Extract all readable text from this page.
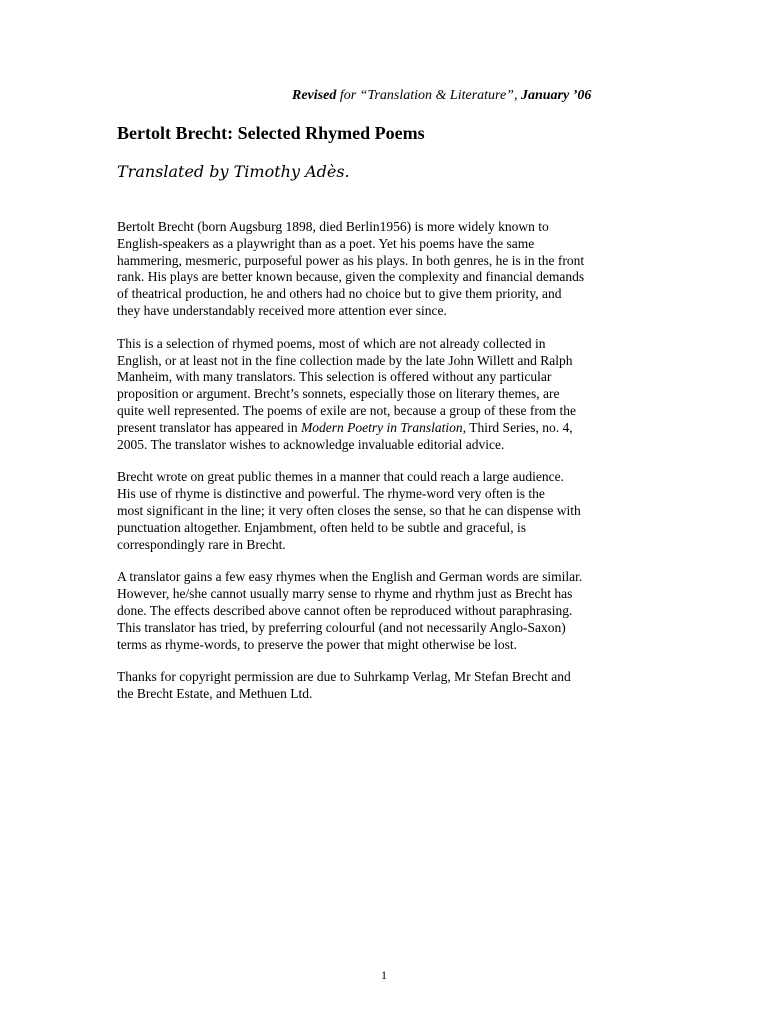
Revised for “Translation & Literature”, January ’06
Bertolt Brecht: Selected Rhymed Poems
Translated by Timothy Adès.

Bertolt Brecht (born Augsburg 1898, died Berlin1956) is more widely known to
English-speakers as a playwright than as a poet. Yet his poems have the same
hammering, mesmeric, purposeful power as his plays. In both genres, he is in the front
rank. His plays are better known because, given the complexity and financial demands
of theatrical production, he and others had no choice but to give them priority, and
they have understandably received more attention ever since.

This is a selection of rhymed poems, most of which are not already collected in
English, or at least not in the fine collection made by the late John Willett and Ralph
Manheim, with many translators. This selection is offered without any particular
proposition or argument. Brecht’s sonnets, especially those on literary themes, are
quite well represented. The poems of exile are not, because a group of these from the
present translator has appeared in Modern Poetry in Translation, Third Series, no. 4,
2005. The translator wishes to acknowledge invaluable editorial advice.

Brecht wrote on great public themes in a manner that could reach a large audience.
His use of rhyme is distinctive and powerful. The rhyme-word very often is the
most significant in the line; it very often closes the sense, so that he can dispense with
punctuation altogether. Enjambment, often held to be subtle and graceful, is
correspondingly rare in Brecht.

A translator gains a few easy rhymes when the English and German words are similar.
However, he/she cannot usually marry sense to rhyme and rhythm just as Brecht has
done. The effects described above cannot often be reproduced without paraphrasing.
This translator has tried, by preferring colourful (and not necessarily Anglo-Saxon)
terms as rhyme-words, to preserve the power that might otherwise be lost.

Thanks for copyright permission are due to Suhrkamp Verlag, Mr Stefan Brecht and
the Brecht Estate, and Methuen Ltd.

1
